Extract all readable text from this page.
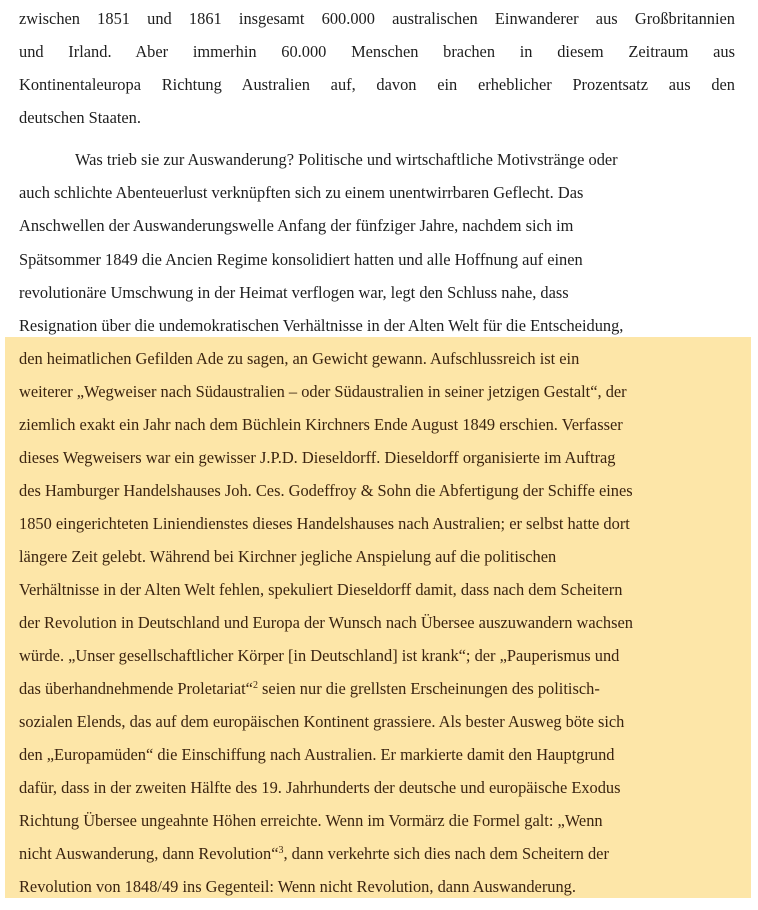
zwischen 1851 und 1861 insgesamt 600.000 australischen Einwanderer aus Großbritannien
und Irland. Aber immerhin 60.000 Menschen brachen in diesem Zeitraum aus
Kontinentaleuropa Richtung Australien auf, davon ein erheblicher Prozentsatz aus den
deutschen Staaten.
Was trieb sie zur Auswanderung? Politische und wirtschaftliche Motivstränge oder
auch schlichte Abenteuerlust verknüpften sich zu einem unentwirrbaren Geflecht. Das
Anschwellen der Auswanderungswelle Anfang der fünfziger Jahre, nachdem sich im
Spätsommer 1849 die Ancien Regime konsolidiert hatten und alle Hoffnung auf einen
revolutionäre Umschwung in der Heimat verflogen war, legt den Schluss nahe, dass
Resignation über die undemokratischen Verhältnisse in der Alten Welt für die Entscheidung,
den heimatlichen Gefilden Ade zu sagen, an Gewicht gewann. Aufschlussreich ist ein
weiterer „Wegweiser nach Südaustralien – oder Südaustralien in seiner jetzigen Gestalt“, der
ziemlich exakt ein Jahr nach dem Büchlein Kirchners Ende August 1849 erschien. Verfasser
dieses Wegweisers war ein gewisser J.P.D. Dieseldorff. Dieseldorff organisierte im Auftrag
des Hamburger Handelshauses Joh. Ces. Godeffroy & Sohn die Abfertigung der Schiffe eines
1850 eingerichteten Liniendienstes dieses Handelshauses nach Australien; er selbst hatte dort
längere Zeit gelebt. Während bei Kirchner jegliche Anspielung auf die politischen
Verhältnisse in der Alten Welt fehlen, spekuliert Dieseldorff damit, dass nach dem Scheitern
der Revolution in Deutschland und Europa der Wunsch nach Übersee auszuwandern wachsen
würde. „Unser gesellschaftlicher Körper [in Deutschland] ist krank“; der „Pauperismus und
das überhandnehmende Proletariat“$^2$ seien nur die grellsten Erscheinungen des politisch-
sozialen Elends, das auf dem europäischen Kontinent grassiere. Als bester Ausweg böte sich
den „Europamüden“ die Einschiffung nach Australien. Er markierte damit den Hauptgrund
dafür, dass in der zweiten Hälfte des 19. Jahrhunderts der deutsche und europäische Exodus
Richtung Übersee ungeahnte Höhen erreichte. Wenn im Vormärz die Formel galt: „Wenn
nicht Auswanderung, dann Revolution“$^3$, dann verkehrte sich dies nach dem Scheitern der
Revolution von 1848/49 ins Gegenteil: Wenn nicht Revolution, dann Auswanderung.
